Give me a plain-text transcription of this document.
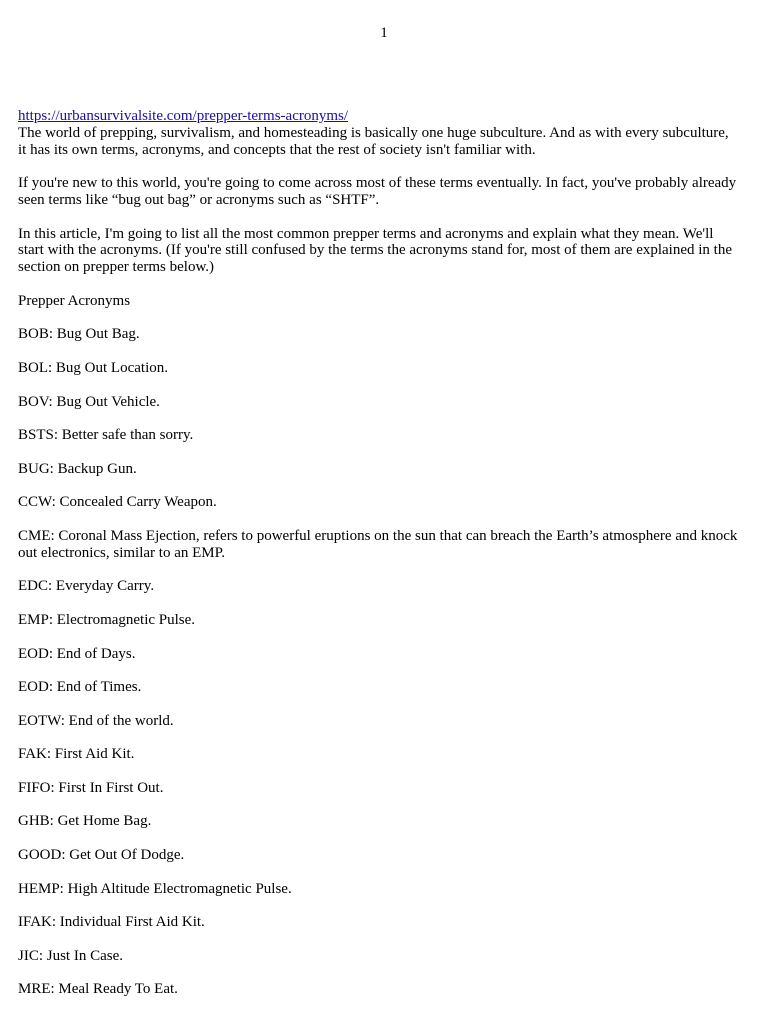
1
https://urbansurvivalsite.com/prepper-terms-acronyms/

The world of prepping, survivalism, and homesteading is basically one huge subculture. And as with every subculture, it has its own terms, acronyms, and concepts that the rest of society isn't familiar with.

If you're new to this world, you're going to come across most of these terms eventually. In fact, you've probably already seen terms like “bug out bag” or acronyms such as “SHTF”.

In this article, I'm going to list all the most common prepper terms and acronyms and explain what they mean. We'll start with the acronyms. (If you're still confused by the terms the acronyms stand for, most of them are explained in the section on prepper terms below.)

Prepper Acronyms

BOB: Bug Out Bag.
BOL: Bug Out Location.
BOV: Bug Out Vehicle.
BSTS: Better safe than sorry.
BUG: Backup Gun.
CCW: Concealed Carry Weapon.
CME: Coronal Mass Ejection, refers to powerful eruptions on the sun that can breach the Earth’s atmosphere and knock out electronics, similar to an EMP.
EDC: Everyday Carry.
EMP: Electromagnetic Pulse.
EOD: End of Days.
EOD: End of Times.
EOTW: End of the world.
FAK: First Aid Kit.
FIFO: First In First Out.
GHB: Get Home Bag.
GOOD: Get Out Of Dodge.
HEMP: High Altitude Electromagnetic Pulse.
IFAK: Individual First Aid Kit.
JIC: Just In Case.
MRE: Meal Ready To Eat.
